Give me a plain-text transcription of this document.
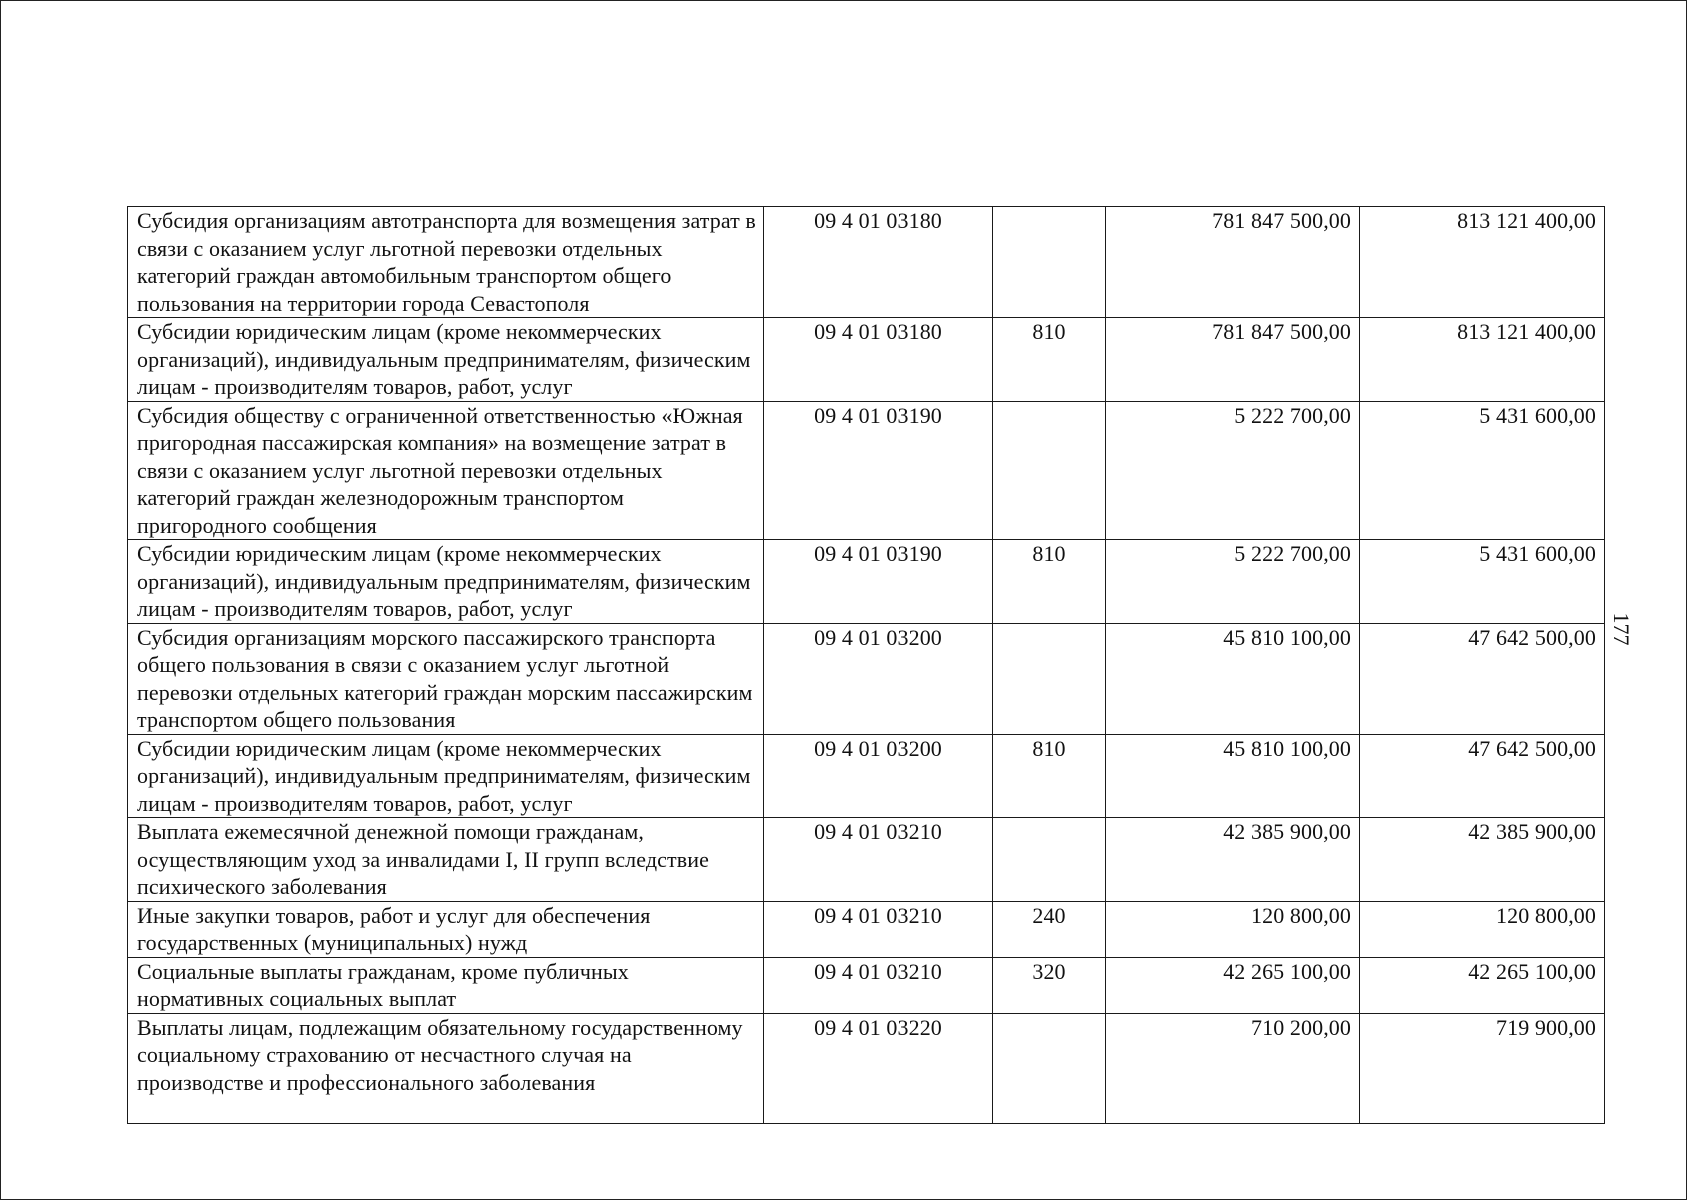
Субсидия организациям автотранспорта для возмещения затрат в связи с оказанием услуг льготной перевозки отдельных категорий граждан автомобильным транспортом общего пользования на территории города Севастополя	09 4 01 03180		781 847 500,00	813 121 400,00
Субсидии юридическим лицам (кроме некоммерческих организаций), индивидуальным предпринимателям, физическим лицам - производителям товаров, работ, услуг	09 4 01 03180	810	781 847 500,00	813 121 400,00
Субсидия обществу с ограниченной ответственностью «Южная пригородная пассажирская компания» на возмещение затрат в связи с оказанием услуг льготной перевозки отдельных категорий граждан железнодорожным транспортом пригородного сообщения	09 4 01 03190		5 222 700,00	5 431 600,00
Субсидии юридическим лицам (кроме некоммерческих организаций), индивидуальным предпринимателям, физическим лицам - производителям товаров, работ, услуг	09 4 01 03190	810	5 222 700,00	5 431 600,00
Субсидия организациям морского пассажирского транспорта общего пользования в связи с оказанием услуг льготной перевозки отдельных категорий граждан морским пассажирским транспортом общего пользования	09 4 01 03200		45 810 100,00	47 642 500,00
Субсидии юридическим лицам (кроме некоммерческих организаций), индивидуальным предпринимателям, физическим лицам - производителям товаров, работ, услуг	09 4 01 03200	810	45 810 100,00	47 642 500,00
Выплата ежемесячной денежной помощи гражданам, осуществляющим уход за инвалидами I, II групп вследствие психического заболевания	09 4 01 03210		42 385 900,00	42 385 900,00
Иные закупки товаров, работ и услуг для обеспечения государственных (муниципальных) нужд	09 4 01 03210	240	120 800,00	120 800,00
Социальные выплаты гражданам, кроме публичных нормативных социальных выплат	09 4 01 03210	320	42 265 100,00	42 265 100,00
Выплаты лицам, подлежащим обязательному государственному социальному страхованию от несчастного случая на производстве и профессионального заболевания	09 4 01 03220		710 200,00	719 900,00
177
